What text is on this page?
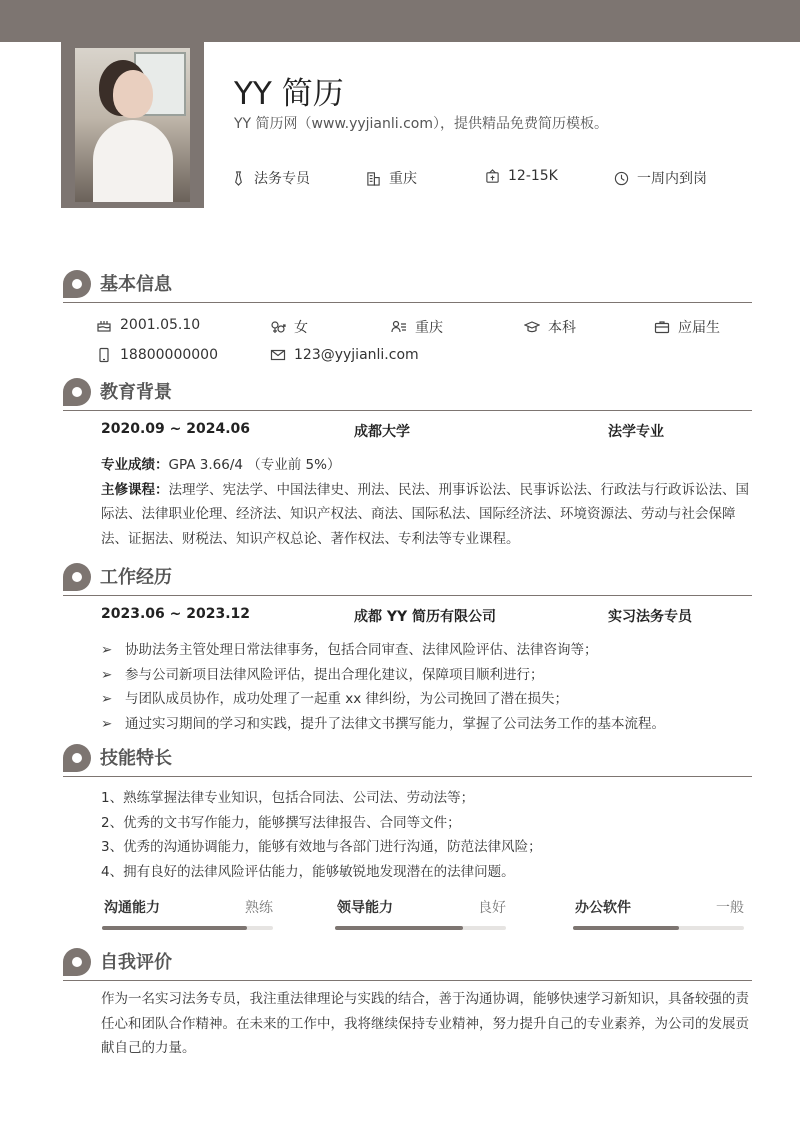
YY 简历
YY 简历网（www.yyjianli.com），提供精品免费简历模板。
法务专员	重庆	12-15K	一周内到岗
基本信息
2001.05.10	女	重庆	本科	应届生
18800000000	123@yyjianli.com
教育背景
2020.09 ~ 2024.06	成都大学	法学专业
专业成绩：GPA 3.66/4 （专业前 5%）
主修课程：法理学、宪法学、中国法律史、刑法、民法、刑事诉讼法、民事诉讼法、行政法与行政诉讼法、国际法、法律职业伦理、经济法、知识产权法、商法、国际私法、国际经济法、环境资源法、劳动与社会保障法、证据法、财税法、知识产权总论、著作权法、专利法等专业课程。
工作经历
2023.06 ~ 2023.12	成都 YY 简历有限公司	实习法务专员
➢ 协助法务主管处理日常法律事务，包括合同审查、法律风险评估、法律咨询等；
➢ 参与公司新项目法律风险评估，提出合理化建议，保障项目顺利进行；
➢ 与团队成员协作，成功处理了一起重 xx 律纠纷，为公司挽回了潜在损失；
➢ 通过实习期间的学习和实践，提升了法律文书撰写能力，掌握了公司法务工作的基本流程。
技能特长
1、熟练掌握法律专业知识，包括合同法、公司法、劳动法等；
2、优秀的文书写作能力，能够撰写法律报告、合同等文件；
3、优秀的沟通协调能力，能够有效地与各部门进行沟通，防范法律风险；
4、拥有良好的法律风险评估能力，能够敏锐地发现潜在的法律问题。
沟通能力	熟练	领导能力	良好	办公软件	一般
自我评价
作为一名实习法务专员，我注重法律理论与实践的结合，善于沟通协调，能够快速学习新知识，具备较强的责任心和团队合作精神。在未来的工作中，我将继续保持专业精神，努力提升自己的专业素养，为公司的发展贡献自己的力量。
